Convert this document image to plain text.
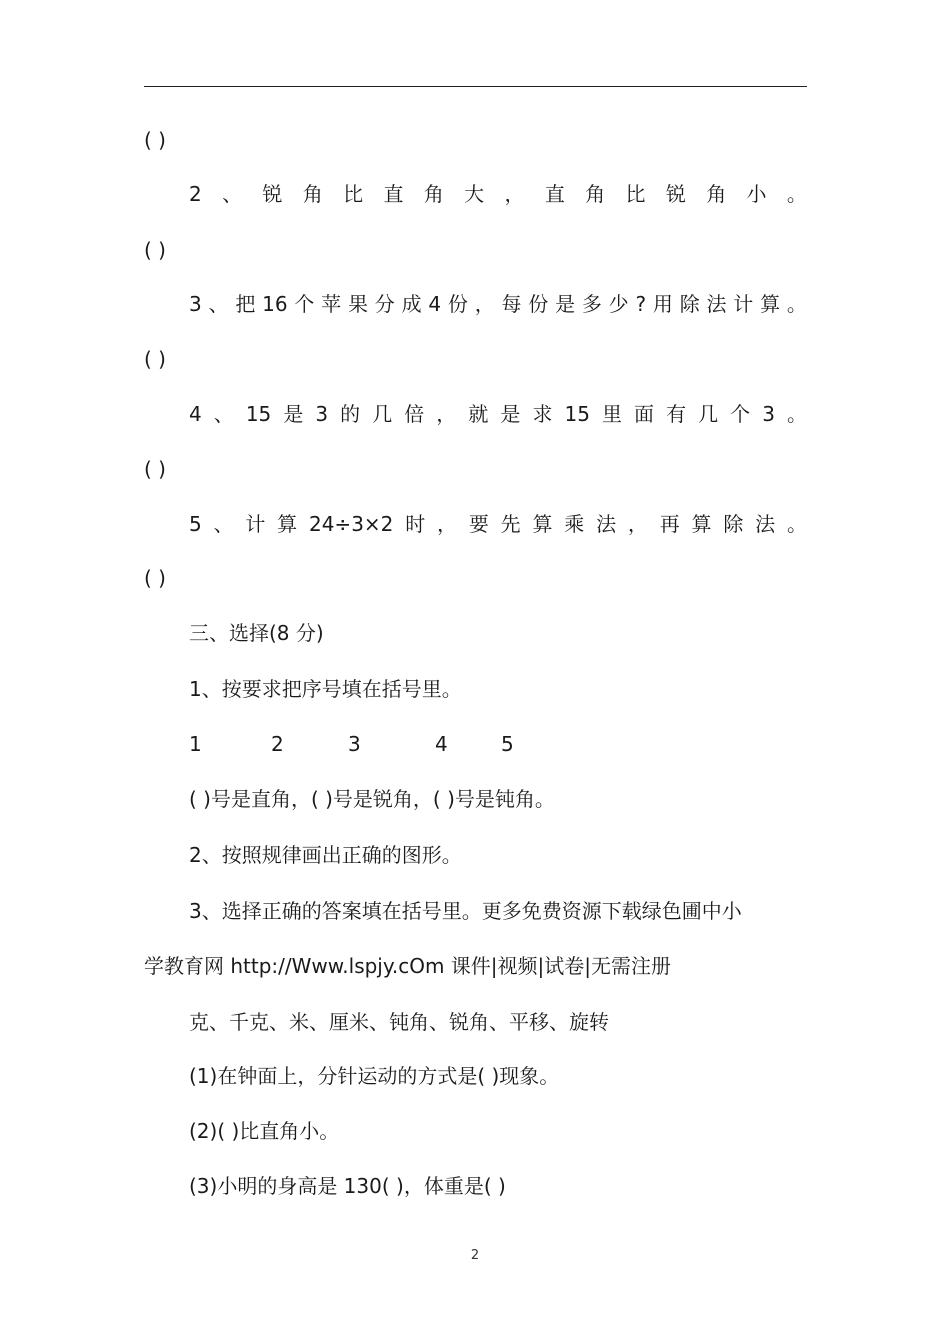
( )
2 、 锐 角 比 直 角 大 ， 直 角 比 锐 角 小 。
( )
3 、 把 16 个 苹 果 分 成 4 份 ， 每 份 是 多 少 ? 用 除 法 计 算 。
( )
4 、 15 是 3 的 几 倍 ， 就 是 求 15 里 面 有 几 个 3 。
( )
5 、 计 算 24÷3×2 时 ， 要 先 算 乘 法 ， 再 算 除 法 。
( )
三、选择(8 分)
1、按要求把序号填在括号里。
1	2	3	4	5
( )号是直角，( )号是锐角，( )号是钝角。
2、按照规律画出正确的图形。
3、选择正确的答案填在括号里。更多免费资源下载绿色圃中小
学教育网 http://Www.lspjy.cOm 课件|视频|试卷|无需注册
克、千克、米、厘米、钝角、锐角、平移、旋转
(1)在钟面上，分针运动的方式是( )现象。
(2)( )比直角小。
(3)小明的身高是 130( )，体重是( )
2
